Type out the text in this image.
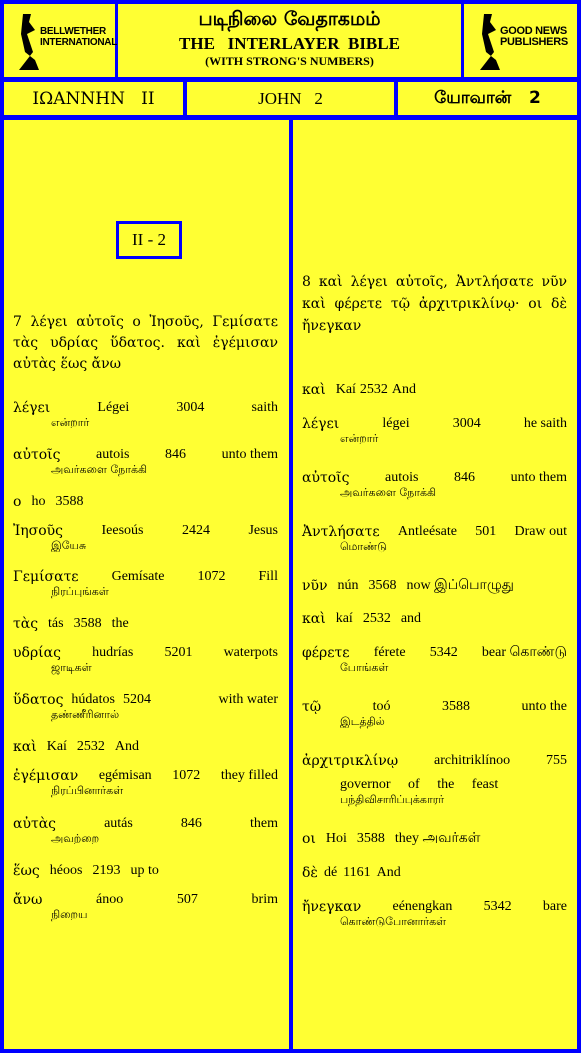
BELLWETHER
INTERNATIONAL
படிநிலை வேதாகமம்
THE   INTERLAYER  BIBLE
(WITH STRONG'S NUMBERS)
GOOD NEWS
PUBLISHERS
ΙΩΑΝΝΗΝ   II	JOHN   2	யோவான்   2
II - 2
7 λέγει αὐτοῖς ο Ἰησοῦς, Γεμίσατε τὰς υδρίας ὕδατος. καὶ ἐγέμισαν αὐτὰς ἕως ἄνω
λέγει	Légei	3004	saith
என்றார்
αὐτοῖς	autois	846	unto them
அவர்களை நோக்கி
ο ho 3588
Ἰησοῦς	Ieesoús	2424	Jesus
இயேசு
Γεμίσατε Gemísate 1072 Fill
நிரப்புங்கள்
τὰς tás 3588 the
υδρίας hudrías 5201 waterpots
ஜாடிகள்
ὕδατος húdatos 5204	with water
தண்ணீரினால்
καὶ Kaí 2532 And
ἐγέμισαν egémisan 1072 they filled
நிரப்பினார்கள்
αὐτὰς	autás	846	them
அவற்றை
ἕως héoos 2193 up to
ἄνω	ánoo	507	brim
நிறைய
8 καὶ λέγει αὐτοῖς, Ἀντλήσατε νῦν καὶ φέρετε τῷ ἀρχιτρικλίνῳ· οι δὲ ἤνεγκαν
καὶ Kaí 2532 And
λέγει	légei	3004	he saith
என்றார்
αὐτοῖς	autois	846	unto them
அவர்களை நோக்கி
Ἀντλήσατε Antleésate 501 Draw out
மொண்டு
νῦν nún 3568 now இப்பொழுது
καὶ kaí 2532 and
φέρετε férete 5342 bear கொண்டு
போங்கள்
τῷ	toó	3588	unto the
இடத்தில்
ἀρχιτρικλίνῳ	architriklínoo	755
governor     of     the     feast
பந்திவிசாரிப்புக்காரர்
οι Hoi 3588 they அவர்கள்
δὲ dé 1161 And
ἤνεγκαν eénengkan 5342 bare
கொண்டுபோனார்கள்
